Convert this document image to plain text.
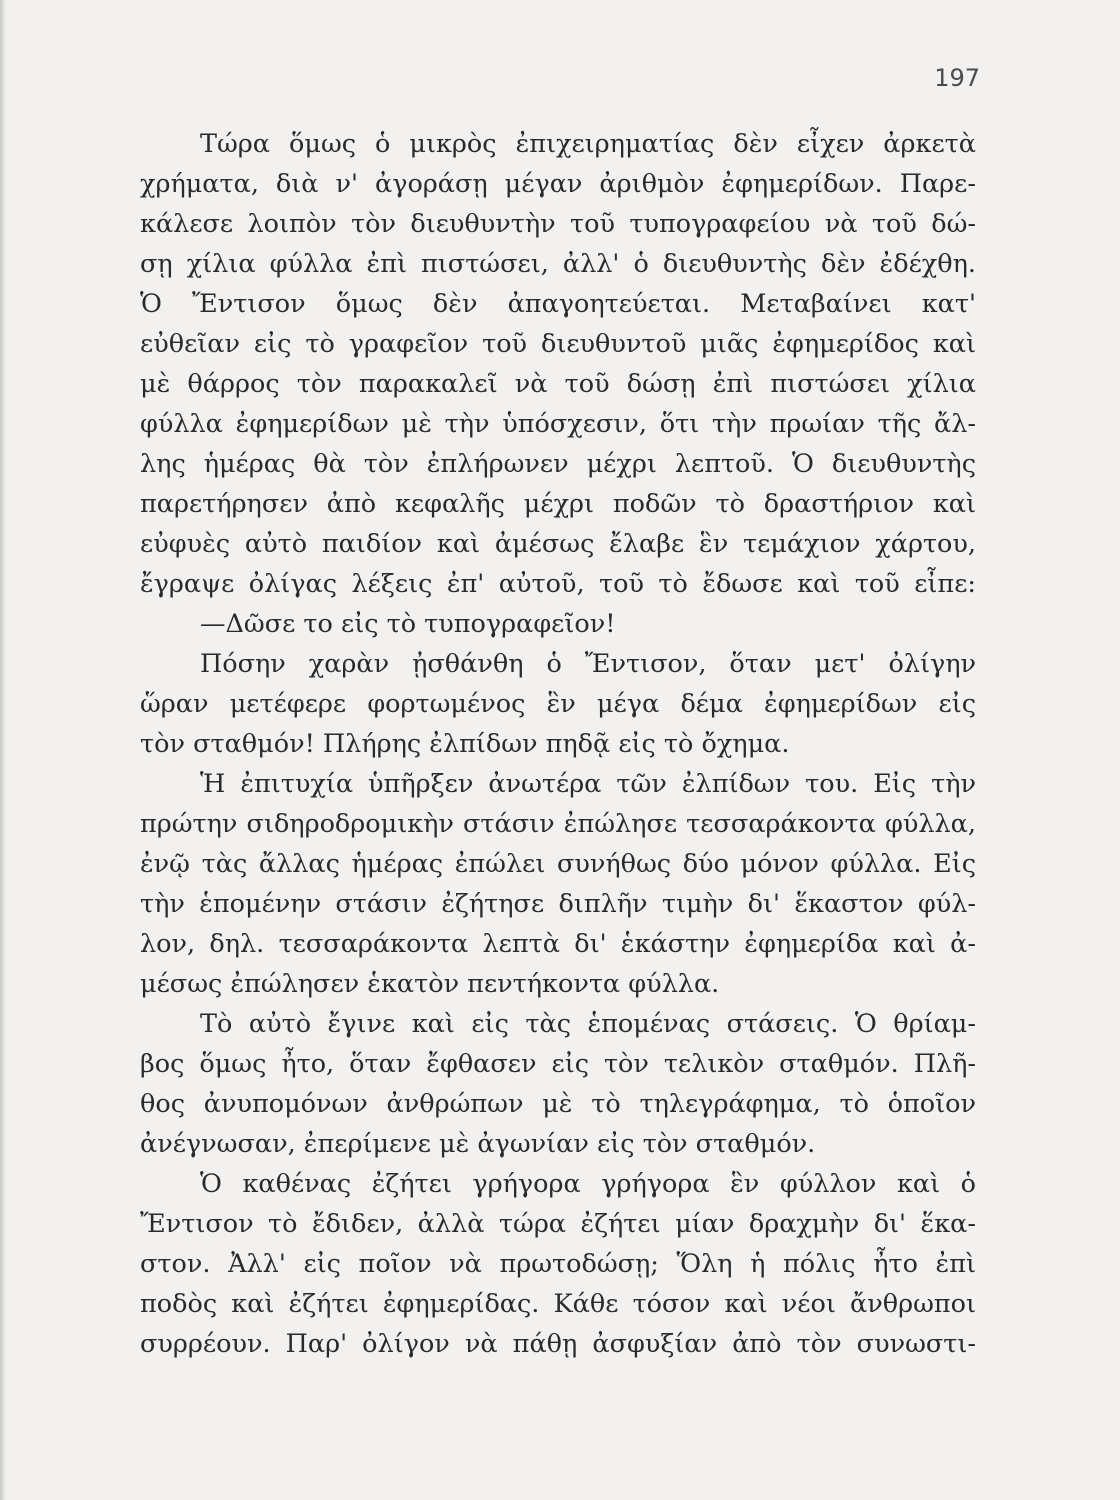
197
Τώρα ὅμως ὁ μικρὸς ἐπιχειρηματίας δὲν εἶχεν ἀρκετὰ
χρήματα, διὰ ν' ἀγοράσῃ μέγαν ἀριθμὸν ἐφημερίδων. Παρε-
κάλεσε λοιπὸν τὸν διευθυντὴν τοῦ τυπογραφείου νὰ τοῦ δώ-
σῃ χίλια φύλλα ἐπὶ πιστώσει, ἀλλ' ὁ διευθυντὴς δὲν ἐδέχθη.
Ὁ Ἔντισον ὅμως δὲν ἀπαγοητεύεται. Μεταβαίνει κατ'
εὐθεῖαν εἰς τὸ γραφεῖον τοῦ διευθυντοῦ μιᾶς ἐφημερίδος καὶ
μὲ θάρρος τὸν παρακαλεῖ νὰ τοῦ δώσῃ ἐπὶ πιστώσει χίλια
φύλλα ἐφημερίδων μὲ τὴν ὑπόσχεσιν, ὅτι τὴν πρωίαν τῆς ἄλ-
λης ἡμέρας θὰ τὸν ἐπλήρωνεν μέχρι λεπτοῦ. Ὁ διευθυντὴς
παρετήρησεν ἀπὸ κεφαλῆς μέχρι ποδῶν τὸ δραστήριον καὶ
εὐφυὲς αὐτὸ παιδίον καὶ ἀμέσως ἔλαβε ἓν τεμάχιον χάρτου,
ἔγραψε ὀλίγας λέξεις ἐπ' αὐτοῦ, τοῦ τὸ ἔδωσε καὶ τοῦ εἶπε:
—Δῶσε το εἰς τὸ τυπογραφεῖον!
Πόσην χαρὰν ᾐσθάνθη ὁ Ἔντισον, ὅταν μετ' ὀλίγην
ὥραν μετέφερε φορτωμένος ἓν μέγα δέμα ἐφημερίδων εἰς
τὸν σταθμόν! Πλήρης ἐλπίδων πηδᾷ εἰς τὸ ὄχημα.
Ἡ ἐπιτυχία ὑπῆρξεν ἀνωτέρα τῶν ἐλπίδων του. Εἰς τὴν
πρώτην σιδηροδρομικὴν στάσιν ἐπώλησε τεσσαράκοντα φύλλα,
ἐνῷ τὰς ἄλλας ἡμέρας ἐπώλει συνήθως δύο μόνον φύλλα. Εἰς
τὴν ἑπομένην στάσιν ἐζήτησε διπλῆν τιμὴν δι' ἕκαστον φύλ-
λον, δηλ. τεσσαράκοντα λεπτὰ δι' ἑκάστην ἐφημερίδα καὶ ἀ-
μέσως ἐπώλησεν ἑκατὸν πεντήκοντα φύλλα.
Τὸ αὐτὸ ἔγινε καὶ εἰς τὰς ἑπομένας στάσεις. Ὁ θρίαμ-
βος ὅμως ἦτο, ὅταν ἔφθασεν εἰς τὸν τελικὸν σταθμόν. Πλῆ-
θος ἀνυπομόνων ἀνθρώπων μὲ τὸ τηλεγράφημα, τὸ ὁποῖον
ἀνέγνωσαν, ἐπερίμενε μὲ ἀγωνίαν εἰς τὸν σταθμόν.
Ὁ καθένας ἐζήτει γρήγορα γρήγορα ἓν φύλλον καὶ ὁ
Ἔντισον τὸ ἔδιδεν, ἀλλὰ τώρα ἐζήτει μίαν δραχμὴν δι' ἕκα-
στον. Ἀλλ' εἰς ποῖον νὰ πρωτοδώσῃ; Ὅλη ἡ πόλις ἦτο ἐπὶ
ποδὸς καὶ ἐζήτει ἐφημερίδας. Κάθε τόσον καὶ νέοι ἄνθρωποι
συρρέουν. Παρ' ὀλίγον νὰ πάθῃ ἀσφυξίαν ἀπὸ τὸν συνωστι-
